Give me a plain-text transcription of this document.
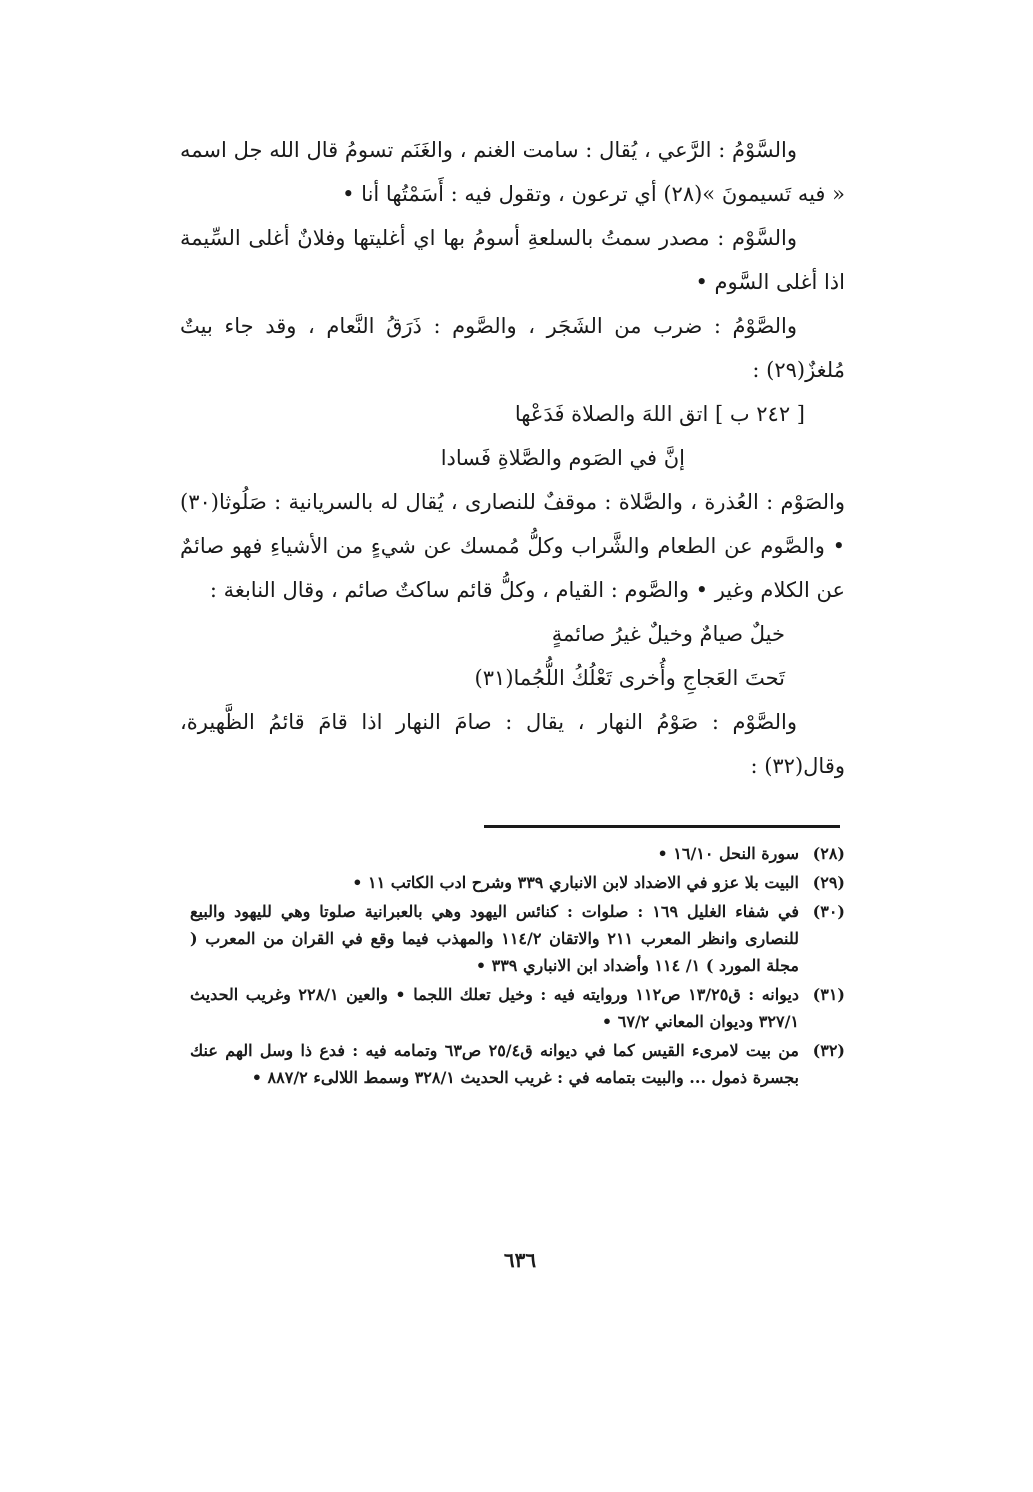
والسَّوْمُ : الرَّعي ، يُقال : سامت الغنم ، والغَنَم تسومُ قال الله جل اسمه « فيه تَسيمونَ »(٢٨) أي ترعون ، وتقول فيه : أَسَمْتُها أنا •

والسَّوْم : مصدر سمتُ بالسلعةِ أسومُ بها اي أغليتها وفلانٌ أغلى السِّيمة اذا أغلى السَّوم •

والصَّوْمُ : ضرب من الشَجَر ، والصَّوم : ذَرَقُ النَّعام ، وقد جاء بيتٌ مُلغزٌ(٢٩) :

[ ٢٤٢ ب ] اتق اللهَ والصلاة فَدَعْها

إنَّ في الصَوم والصَّلاةِ فَسادا

والصَوْم : العُذرة ، والصَّلاة : موقفٌ للنصارى ، يُقال له بالسريانية : صَلُوثا(٣٠) • والصَّوم عن الطعام والشَّراب وكلُّ مُمسك عن شيءٍ من الأشياءِ فهو صائمٌ عن الكلام وغير • والصَّوم : القيام ، وكلُّ قائم ساكتٌ صائم ، وقال النابغة :

خيلٌ صيامٌ وخيلٌ غيرُ صائمةٍ

تَحتَ العَجاجِ وأُخرى تَعْلُكُ اللُّجُما(٣١)

والصَّوْم : صَوْمُ النهار ، يقال : صامَ النهار اذا قامَ قائمُ الظَّهيرة، وقال(٣٢) :

(٢٨)
سورة النحل ١٦/١٠ •
(٢٩)
البيت بلا عزو في الاضداد لابن الانباري ٣٣٩ وشرح ادب الكاتب ١١ •
(٣٠)
في شفاء الغليل ١٦٩ : صلوات : كنائس اليهود وهي بالعبرانية صلوتا وهي لليهود والبيع للنصارى وانظر المعرب ٢١١ والاتقان ١١٤/٢ والمهذب فيما وقع في القران من المعرب ( مجلة المورد ) ١/ ١١٤ وأضداد ابن الانباري ٣٣٩ •
(٣١)
ديوانه : ق١٣/٢٥ ص١١٢ وروايته فيه : وخيل تعلك اللجما • والعين ٢٢٨/١ وغريب الحديث ٣٢٧/١ وديوان المعاني ٦٧/٢ •
(٣٢)
من بيت لامرىء القيس كما في ديوانه ق٢٥/٤ ص٦٣ وتمامه فيه : فدع ذا وسل الهم عنك بجسرة ذمول ... والبيت بتمامه في : غريب الحديث ٣٢٨/١ وسمط اللالىء ٨٨٧/٢ •
٦٣٦
